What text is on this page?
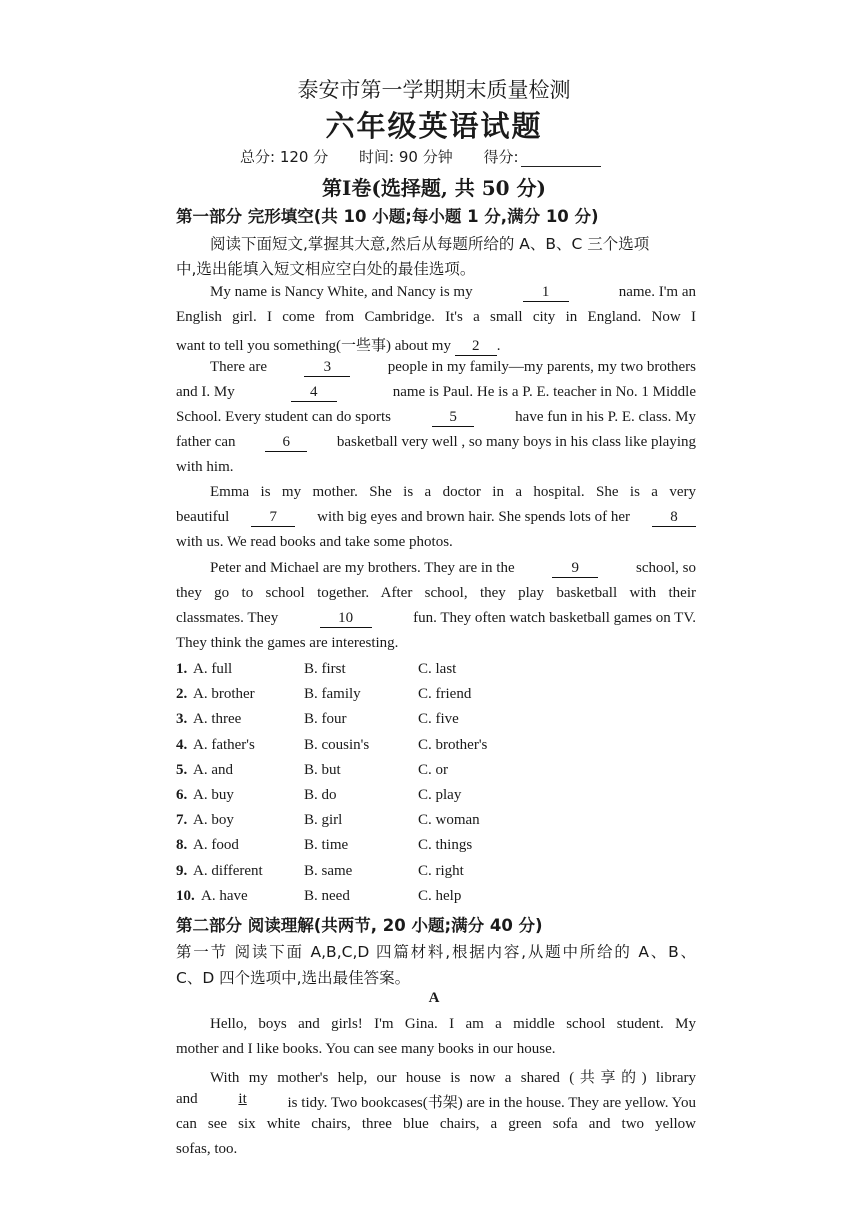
泰安市第一学期期末质量检测
六年级英语试题
总分: 120 分 时间: 90 分钟 得分:
第Ⅰ卷(选择题, 共 50 分)
第一部分 完形填空(共 10 小题;每小题 1 分,满分 10 分)
阅读下面短文,掌握其大意,然后从每题所给的 A、B、C 三个选项
中,选出能填入短文相应空白处的最佳选项。
My name is Nancy White, and Nancy is my	1	name. I'm an
English girl. I come from Cambridge. It's a small city in England. Now I
want to tell you something(一些事) about my 2 .
There are	3	people in my family—my parents, my two brothers
and I. My	4	name is Paul. He is a P. E. teacher in No. 1 Middle
School. Every student can do sports	5	have fun in his P. E. class. My
father can	6	basketball very well , so many boys in his class like playing
with him.
Emma is my mother. She is a doctor in a hospital. She is a very
beautiful	7	with big eyes and brown hair. She spends lots of her	8
with us. We read books and take some photos.
Peter and Michael are my brothers. They are in the	9	school, so
they go to school together. After school, they play basketball with their
classmates. They	10	fun. They often watch basketball games on TV.
They think the games are interesting.
1. A. full	B. first	C. last
2. A. brother	B. family	C. friend
3. A. three	B. four	C. five
4. A. father's	B. cousin's	C. brother's
5. A. and	B. but	C. or
6. A. buy	B. do	C. play
7. A. boy	B. girl	C. woman
8. A. food	B. time	C. things
9. A. different	B. same	C. right
10. A. have	B. need	C. help
第二部分 阅读理解(共两节, 20 小题;满分 40 分)
第一节 阅读下面 A,B,C,D 四篇材料,根据内容,从题中所给的 A、B、
C、D 四个选项中,选出最佳答案。
A
Hello, boys and girls! I'm Gina. I am a middle school student. My
mother and I like books. You can see many books in our house.
With my mother's help, our house is now a shared (共享的) library
and	it	is tidy. Two bookcases(书架) are in the house. They are yellow. You
can see six white chairs, three blue chairs, a green sofa and two yellow
sofas, too.
